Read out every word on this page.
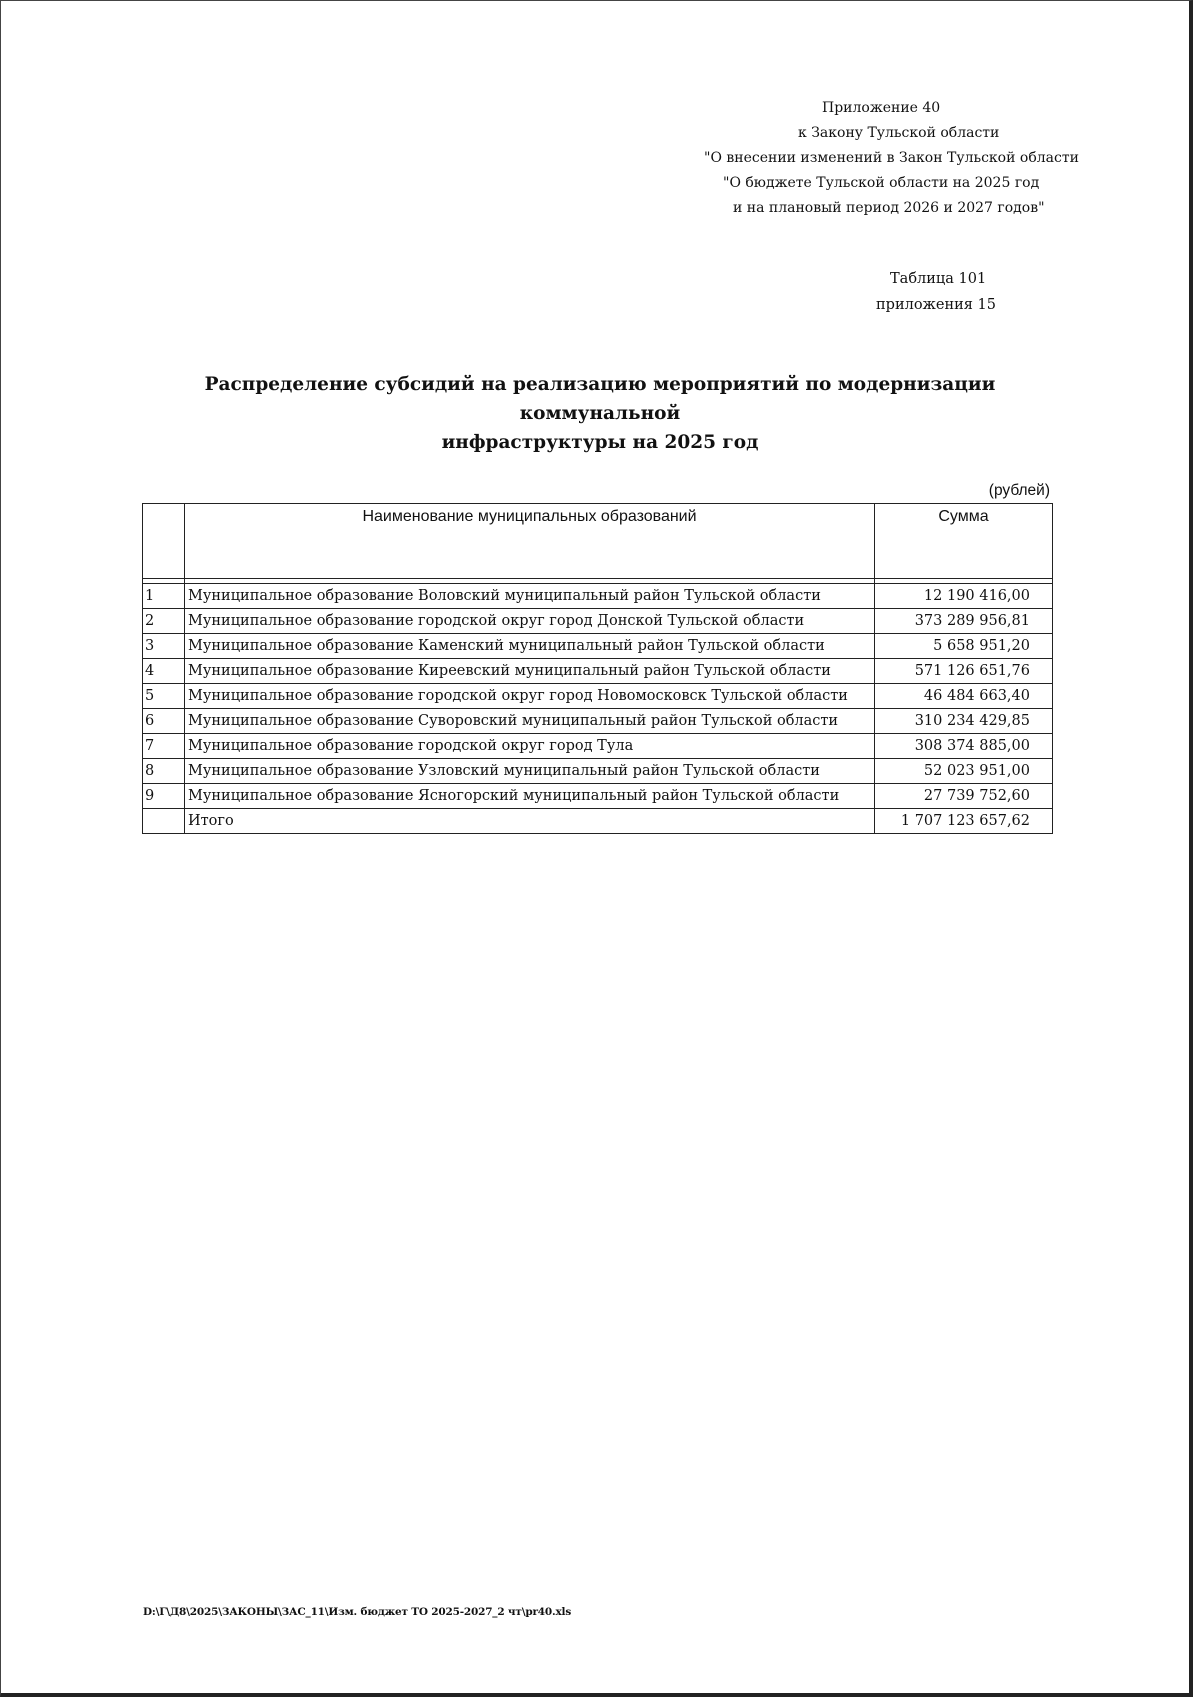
Приложение 40
к Закону Тульской области
"О внесении изменений в Закон Тульской области
"О бюджете Тульской области на 2025 год
и на плановый период 2026 и 2027 годов"
Таблица 101
приложения 15
Распределение субсидий на реализацию мероприятий по модернизации коммунальной
инфраструктуры на 2025 год
(рублей)
	Наименование муниципальных образований	Сумма

1	Муниципальное образование Воловский муниципальный район Тульской области	12 190 416,00
2	Муниципальное образование городской округ город Донской Тульской области	373 289 956,81
3	Муниципальное образование Каменский муниципальный район Тульской области	5 658 951,20
4	Муниципальное образование Киреевский муниципальный район Тульской области	571 126 651,76
5	Муниципальное образование городской округ город Новомосковск Тульской области	46 484 663,40
6	Муниципальное образование Суворовский муниципальный район Тульской области	310 234 429,85
7	Муниципальное образование городской округ город Тула	308 374 885,00
8	Муниципальное образование Узловский муниципальный район Тульской области	52 023 951,00
9	Муниципальное образование Ясногорский муниципальный район Тульской области	27 739 752,60
	Итого	1 707 123 657,62
D:\Г\Д8\2025\ЗАКОНЫ\ЗАС_11\Изм. бюджет ТО 2025-2027_2 чт\pr40.xls
